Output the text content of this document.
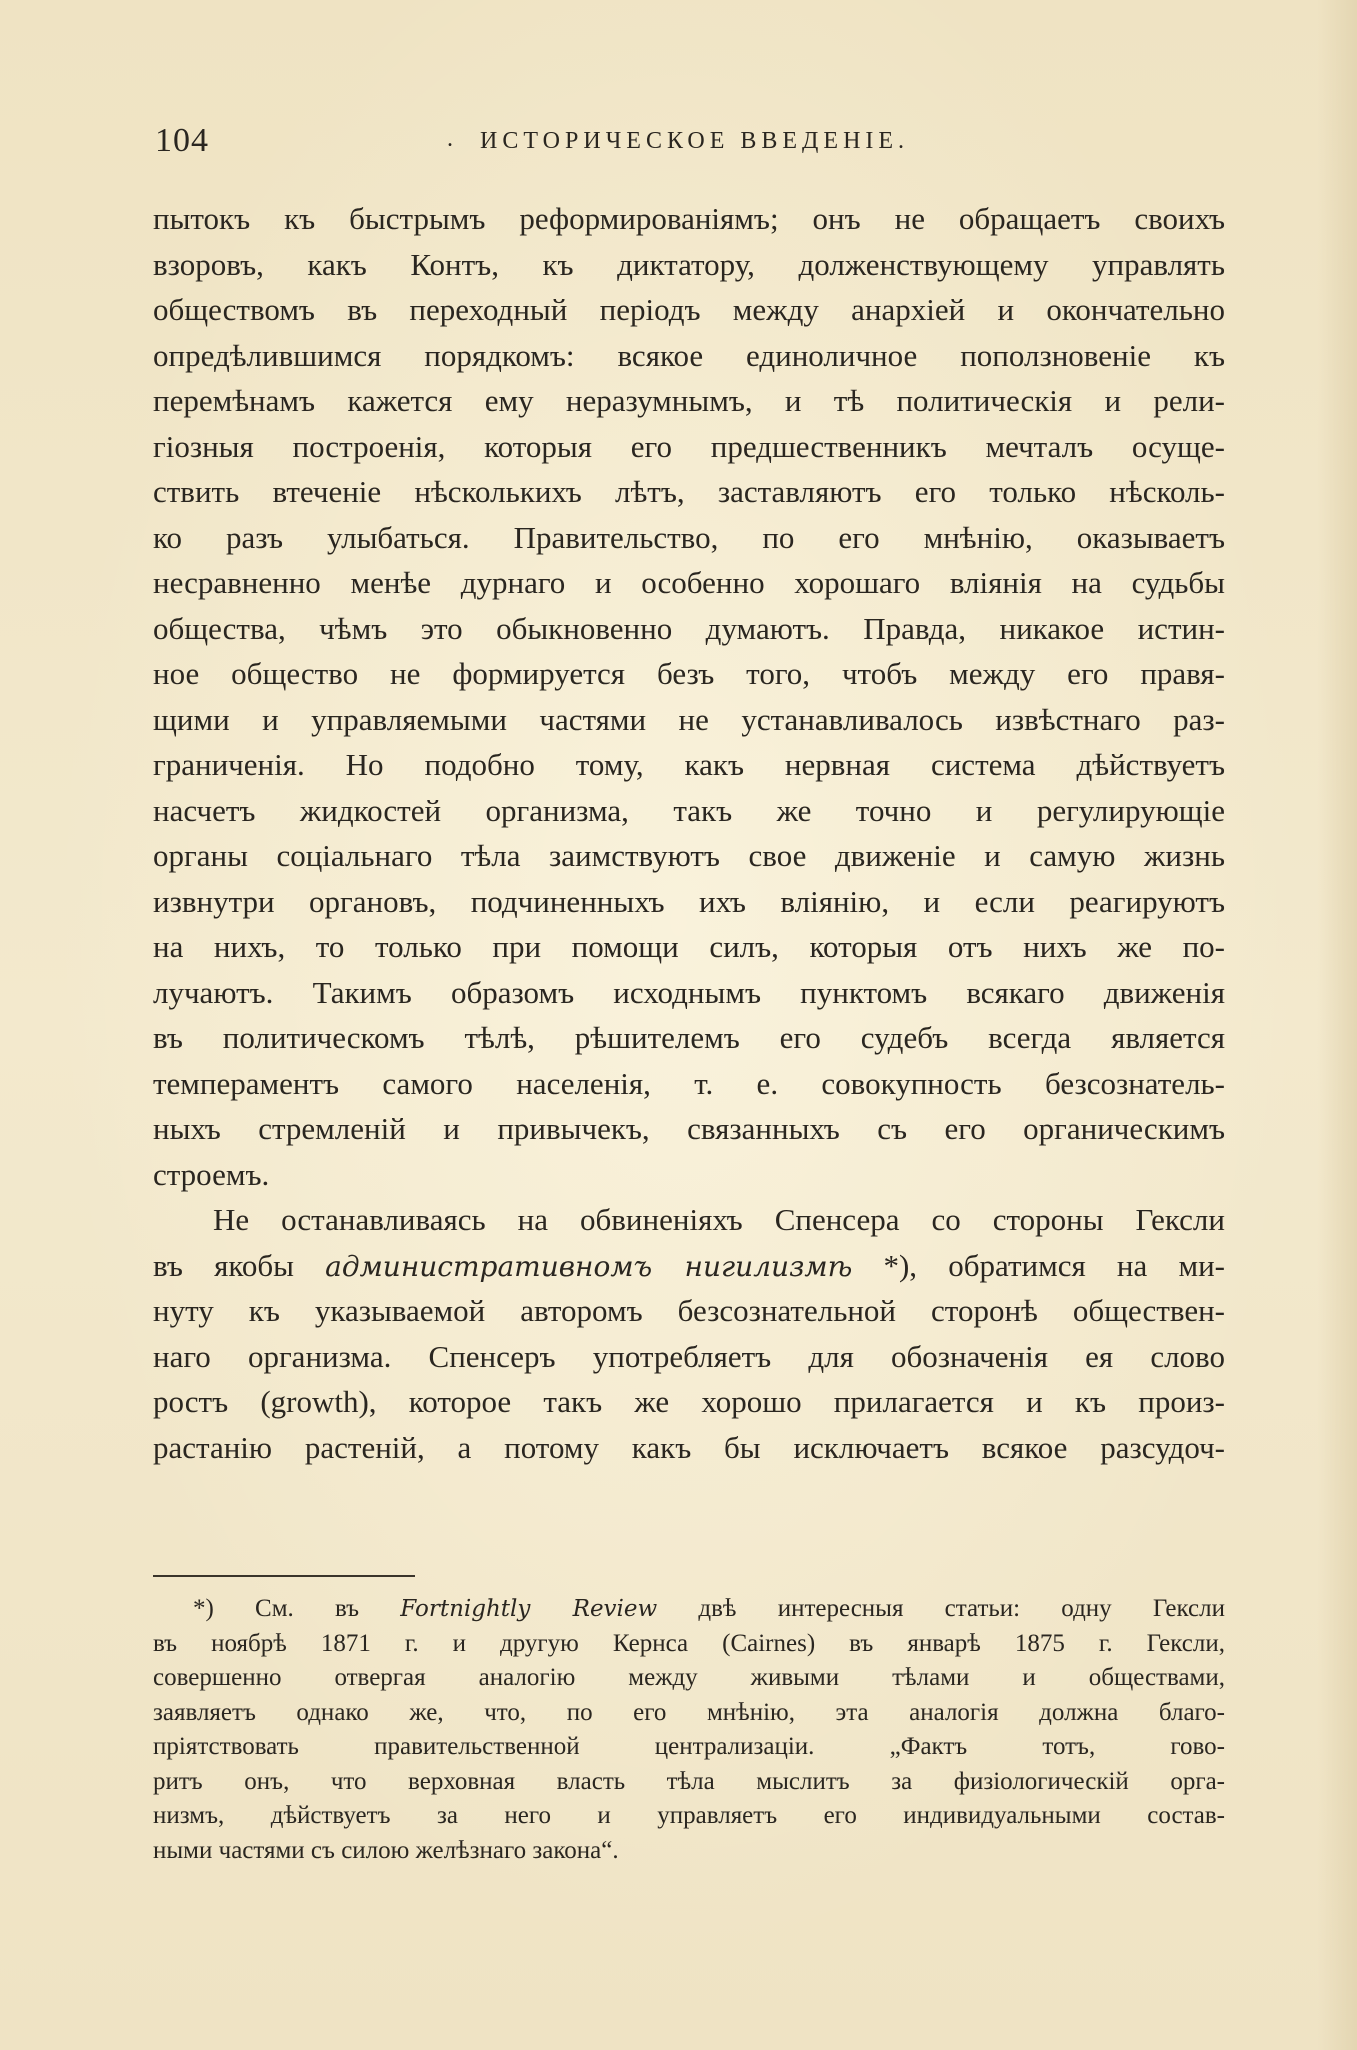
104	. ИСТОРИЧЕСКОЕ ВВЕДЕНІЕ.
пытокъ къ быстрымъ реформированіямъ; онъ не обращаетъ своихъ
взоровъ, какъ Контъ, къ диктатору, долженствующему управлять
обществомъ въ переходный періодъ между анархіей и окончательно
опредѣлившимся порядкомъ: всякое единоличное поползновеніе къ
перемѣнамъ кажется ему неразумнымъ, и тѣ политическія и рели-
гіозныя построенія, которыя его предшественникъ мечталъ осуще-
ствить втеченіе нѣсколькихъ лѣтъ, заставляютъ его только нѣсколь-
ко разъ улыбаться. Правительство, по его мнѣнію, оказываетъ
несравненно менѣе дурнаго и особенно хорошаго вліянія на судьбы
общества, чѣмъ это обыкновенно думаютъ. Правда, никакое истин-
ное общество не формируется безъ того, чтобъ между его правя-
щими и управляемыми частями не устанавливалось извѣстнаго раз-
граниченія. Но подобно тому, какъ нервная система дѣйствуетъ
насчетъ жидкостей организма, такъ же точно и регулирующіе
органы соціальнаго тѣла заимствуютъ свое движеніе и самую жизнь
извнутри органовъ, подчиненныхъ ихъ вліянію, и если реагируютъ
на нихъ, то только при помощи силъ, которыя отъ нихъ же по-
лучаютъ. Такимъ образомъ исходнымъ пунктомъ всякаго движенія
въ политическомъ тѣлѣ, рѣшителемъ его судебъ всегда является
темпераментъ самого населенія, т. е. совокупность безсознатель-
ныхъ стремленій и привычекъ, связанныхъ съ его органическимъ
строемъ.
Не останавливаясь на обвиненіяхъ Спенсера со стороны Гексли
въ якобы административномъ нигилизмѣ *), обратимся на ми-
нуту къ указываемой авторомъ безсознательной сторонѣ обществен-
наго организма. Спенсеръ употребляетъ для обозначенія ея слово
ростъ (growth), которое такъ же хорошо прилагается и къ произ-
растанію растеній, а потому какъ бы исключаетъ всякое разсудоч-
*) См. въ Fortnightly Review двѣ интересныя статьи: одну Гексли
въ ноябрѣ 1871 г. и другую Кернса (Cairnes) въ январѣ 1875 г. Гексли,
совершенно отвергая аналогію между живыми тѣлами и обществами,
заявляетъ однако же, что, по его мнѣнію, эта аналогія должна благо-
пріятствовать правительственной централизаціи. „Фактъ тотъ, гово-
ритъ онъ, что верховная власть тѣла мыслитъ за физіологическій орга-
низмъ, дѣйствуетъ за него и управляетъ его индивидуальными состав-
ными частями съ силою желѣзнаго закона“.
